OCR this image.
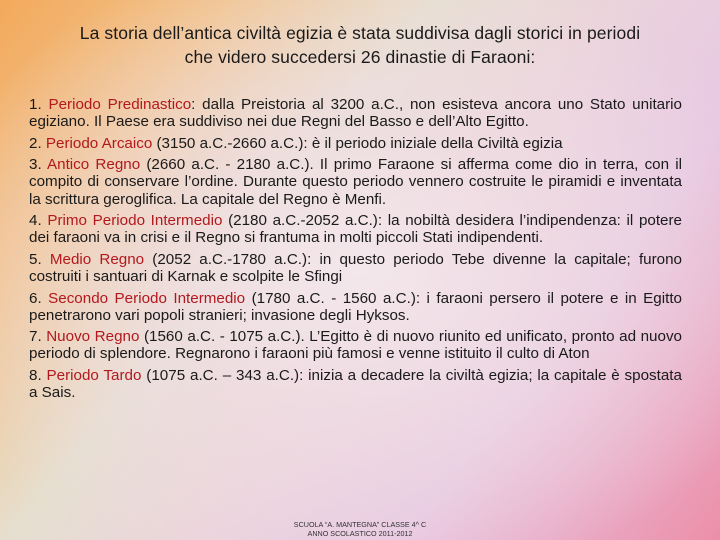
La storia dell’antica civiltà egizia è stata suddivisa dagli storici in periodi
che videro succedersi 26 dinastie di Faraoni:
1. Periodo Predinastico: dalla Preistoria al 3200 a.C., non esisteva ancora uno Stato unitario egiziano. Il Paese era suddiviso nei due Regni del Basso e dell’Alto Egitto.
2. Periodo Arcaico (3150 a.C.-2660 a.C.): è il periodo iniziale della Civiltà egizia
3. Antico Regno (2660 a.C. - 2180 a.C.). Il primo Faraone si afferma come dio in terra, con il compito di conservare l’ordine. Durante questo periodo vennero costruite le piramidi e inventata la scrittura geroglifica. La capitale del Regno è Menfi.
4. Primo Periodo Intermedio (2180 a.C.-2052 a.C.): la nobiltà desidera l’indipendenza: il potere dei faraoni va in crisi e il Regno si frantuma in molti piccoli Stati indipendenti.
5. Medio Regno (2052 a.C.-1780 a.C.): in questo periodo Tebe divenne la capitale; furono costruiti i santuari di Karnak e scolpite le Sfingi
6. Secondo Periodo Intermedio (1780 a.C. - 1560 a.C.): i faraoni persero il potere e in Egitto penetrarono vari popoli stranieri; invasione degli Hyksos.
7. Nuovo Regno (1560 a.C. - 1075 a.C.). L’Egitto è di nuovo riunito ed unificato, pronto ad nuovo periodo di splendore. Regnarono i faraoni più famosi e venne istituito il culto di Aton
8. Periodo Tardo (1075 a.C. – 343 a.C.): inizia a decadere la civiltà egizia; la capitale è spostata a Sais.
SCUOLA “A. MANTEGNA” CLASSE 4^ C
ANNO SCOLASTICO 2011-2012
